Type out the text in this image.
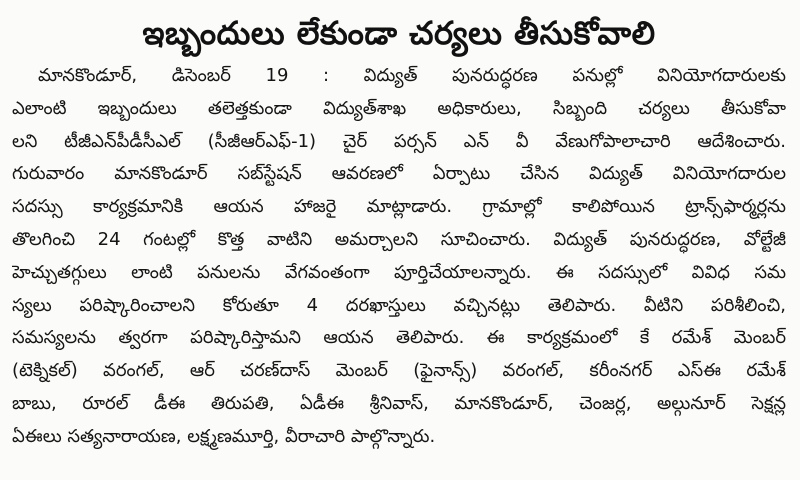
ఇబ్బందులు లేకుండా చర్యలు తీసుకోవాలి
మానకొండూర్, డిసెంబర్ 19 : విద్యుత్ పునరుద్ధరణ పనుల్లో వినియోగదారులకు
ఎలాంటి ఇబ్బందులు తలెత్తకుండా విద్యుత్‌శాఖ అధికారులు, సిబ్బంది చర్యలు తీసుకోవా
లని టీజీఎన్‌పీడీసీఎల్ (సీజీఆర్‌ఎఫ్-1) చైర్ పర్సన్ ఎన్ వీ వేణుగోపాలాచారి ఆదేశించారు.
గురువారం మానకొండూర్ సబ్‌స్టేషన్ ఆవరణలో ఏర్పాటు చేసిన విద్యుత్ వినియోగదారుల
సదస్సు కార్యక్రమానికి ఆయన హాజరై మాట్లాడారు. గ్రామాల్లో కాలిపోయిన ట్రాన్స్‌ఫార్మర్లను
తొలగించి 24 గంటల్లో కొత్త వాటిని అమర్చాలని సూచించారు. విద్యుత్ పునరుద్ధరణ, వోల్టేజీ
హెచ్చుతగ్గులు లాంటి పనులను వేగవంతంగా పూర్తిచేయాలన్నారు. ఈ సదస్సులో వివిధ సమ
స్యలు పరిష్కారించాలని కోరుతూ 4 దరఖాస్తులు వచ్చినట్లు తెలిపారు. వీటిని పరిశీలించి,
సమస్యలను త్వరగా పరిష్కారిస్తామని ఆయన తెలిపారు. ఈ కార్యక్రమంలో కే రమేశ్ మెంబర్
(టెక్నికల్) వరంగల్, ఆర్ చరణ్‌దాస్ మెంబర్ (ఫైనాన్స్) వరంగల్, కరీంనగర్ ఎస్ఈ రమేశ్
బాబు, రూరల్ డీఈ తిరుపతి, ఏడీఈ శ్రీనివాస్, మానకొండూర్, చెంజర్ల, అల్గునూర్ సెక్షన్ల
ఏఈలు సత్యనారాయణ, లక్ష్మణమూర్తి, వీరాచారి పాల్గొన్నారు.
